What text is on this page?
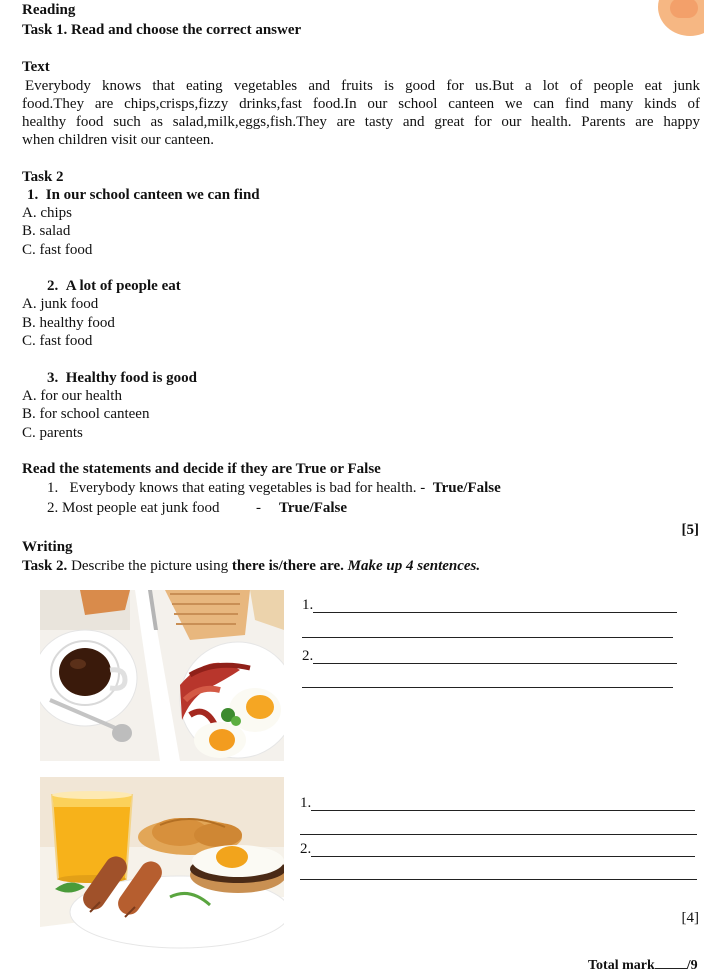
Reading
Task 1. Read and choose the correct answer
Text
Everybody knows that eating vegetables and fruits is good for us.But a lot of people eat junk
food.They are chips,crisps,fizzy drinks,fast food.In our school canteen we can find many kinds of
healthy food such as salad,milk,eggs,fish.They are tasty and great for our health. Parents are happy
when children visit our canteen.
Task 2
1. In our school canteen we can find
A. chips
B. salad
C. fast food
2. A lot of people eat
A. junk food
B. healthy food
C. fast food
3. Healthy food is good
A. for our health
B. for school canteen
C. parents
Read the statements and decide if they are True or False
1. Everybody knows that eating vegetables is bad for health. - True/False
2. Most people eat junk food - True/False
[5]
Writing
Task 2. Describe the picture using there is/there are. Make up 4 sentences.
1.
2.
1.
2.
[4]
Total mark /9
